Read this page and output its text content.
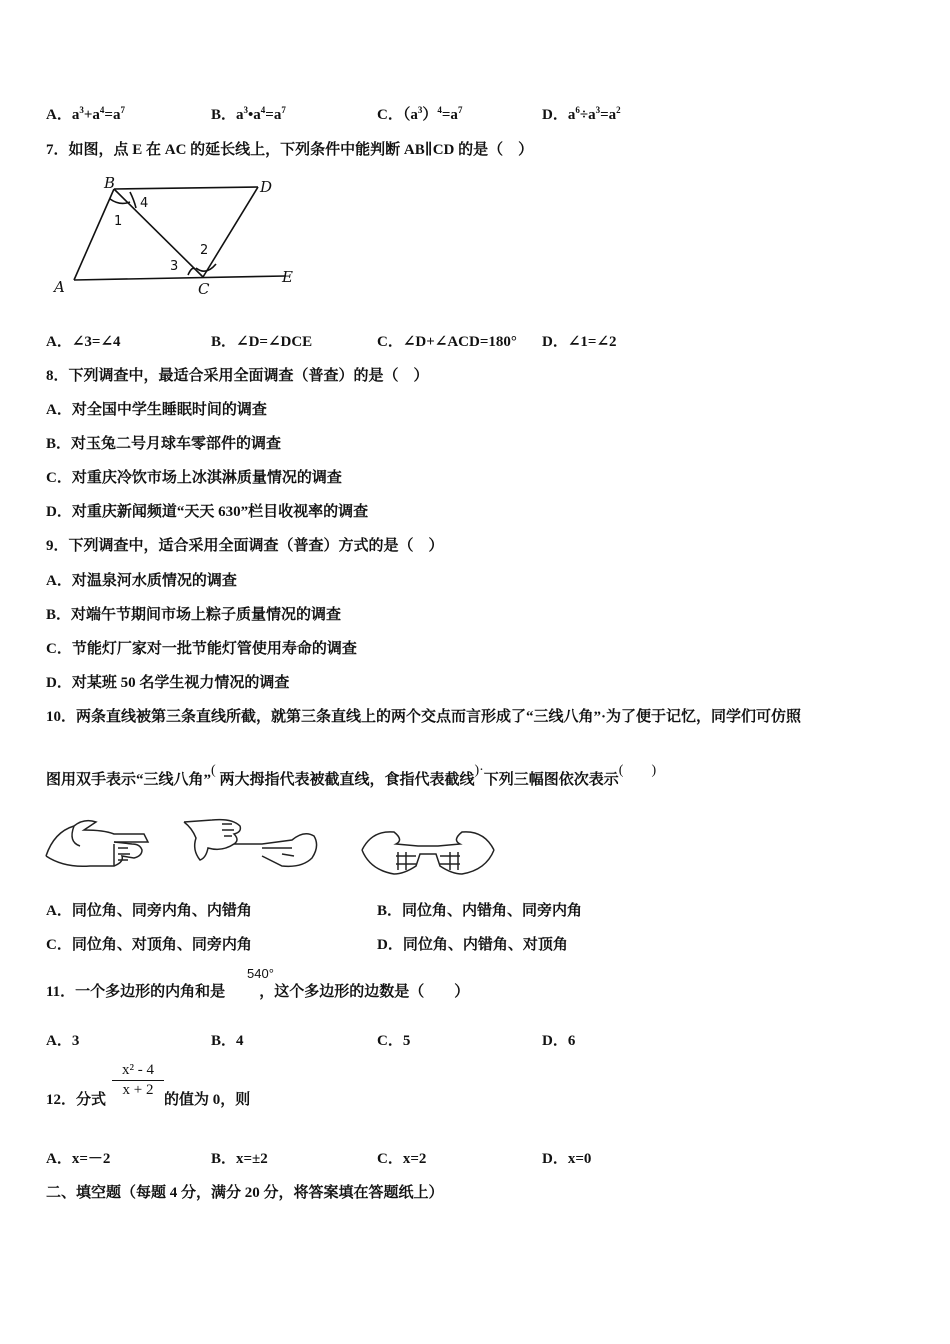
A．$a^3+a^4=a^7$	B．$a^3•a^4=a^7$	C．$(a^3)^4=a^7$	D．$a^6\div a^3=a^2$
7．如图，点 E 在 AC 的延长线上，下列条件中能判断 AB∥CD 的是（　）
B	D
A	C
E
1
4
3
2
A．∠3=∠4	B．∠D=∠DCE	C．∠D+∠ACD=180° D．∠1=∠2
8．下列调查中，最适合采用全面调查（普查）的是（　）
A．对全国中学生睡眠时间的调查
B．对玉兔二号月球车零部件的调查
C．对重庆冷饮市场上冰淇淋质量情况的调查
D．对重庆新闻频道“天天 630”栏目收视率的调查
9．下列调查中，适合采用全面调查（普查）方式的是（　）
A．对温泉河水质情况的调查
B．对端午节期间市场上粽子质量情况的调查
C．节能灯厂家对一批节能灯管使用寿命的调查
D．对某班 50 名学生视力情况的调查
10．两条直线被第三条直线所截，就第三条直线上的两个交点而言形成了“三线八角”·为了便于记忆，同学们可仿照
图用双手表示“三线八角”( 两大拇指代表被截直线，食指代表截线)·下列三幅图依次表示(　　)
A．同位角、同旁内角、内错角	B．同位角、内错角、同旁内角
C．同位角、对顶角、同旁内角	D．同位角、内错角、对顶角
11．一个多边形的内角和是 ，这个多边形的边数是（　　）
540°
A．3	B．4	C．5	D．6
12．分式	的值为 0，则
x² - 4
x + 2
A．x=－2	B．x=±2	C．x=2	D．x=0
二、填空题（每题 4 分，满分 20 分，将答案填在答题纸上）
